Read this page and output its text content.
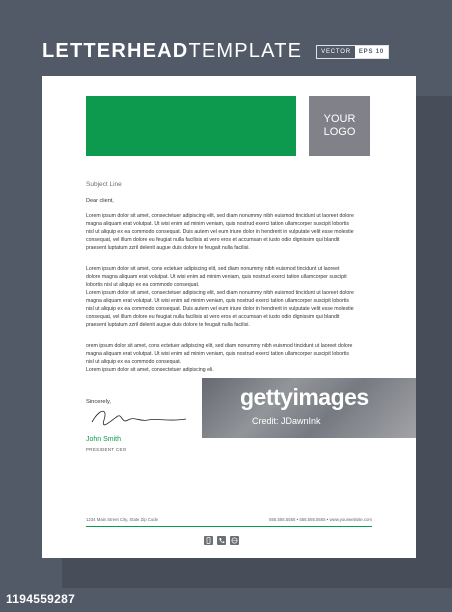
LETTERHEAD TEMPLATE	VECTOR	EPS 10
YOUR
LOGO
Subject Line
Dear client,
Lorem ipsum dolor sit amet, consectetuer adipiscing elit, sed diam nonummy nibh euismod tincidunt ut laoreet dolore
magna aliquam erat volutpat. Ut wisi enim ad minim veniam, quis nostrud exerci tation ullamcorper suscipit lobortis
nisl ut aliquip ex ea commodo consequat. Duis autem vel eum iriure dolor in hendrerit in vulputate velit esse molestie
consequat, vel illum dolore eu feugiat nulla facilisis at vero eros et accumsan et iusto odio dignissim qui blandit
praesent luptatum zzril delenit augue duis dolore te feugait nulla facilisi.
Lorem ipsum dolor sit amet, cons ectetuer adipiscing elit, sed diam nonummy nibh euismod tincidunt ut laoreet
dolore magna aliquam erat volutpat. Ut wisi enim ad minim veniam, quis nostrud exerci tation ullamcorper suscipit
lobortis nisl ut aliquip ex ea commodo consequat.
Lorem ipsum dolor sit amet, consectetuer adipiscing elit, sed diam nonummy nibh euismod tincidunt ut laoreet dolore
magna aliquam erat volutpat. Ut wisi enim ad minim veniam, quis nostrud exerci tation ullamcorper suscipit lobortis
nisl ut aliquip ex ea commodo consequat. Duis autem vel eum iriure dolor in hendrerit in vulputate velit esse molestie
consequat, vel illum dolore eu feugiat nulla facilisis at vero eros et accumsan et iusto odio dignissim qui blandit
praesent luptatum zzril delenit augue duis dolore te feugait nulla facilisi.
orem ipsum dolor sit amet, cons ectetuer adipiscing elit, sed diam nonummy nibh euismod tincidunt ut laoreet dolore
magna aliquam erat volutpat. Ut wisi enim ad minim veniam, quis nostrud exerci tation ullamcorper suscipit lobortis
nisl ut aliquip ex ea commodo consequat.
Lorem ipsum dolor sit amet, consectetuer adipiscing eli.
Sincerely,
John Smith
PRESIDENT CEO
1234 Main Street City, State Zip Code	555.555.5555 • 555.555.5555 • www.yourwebsite.com
gettyimages
Credit: JDawnInk
1194559287
